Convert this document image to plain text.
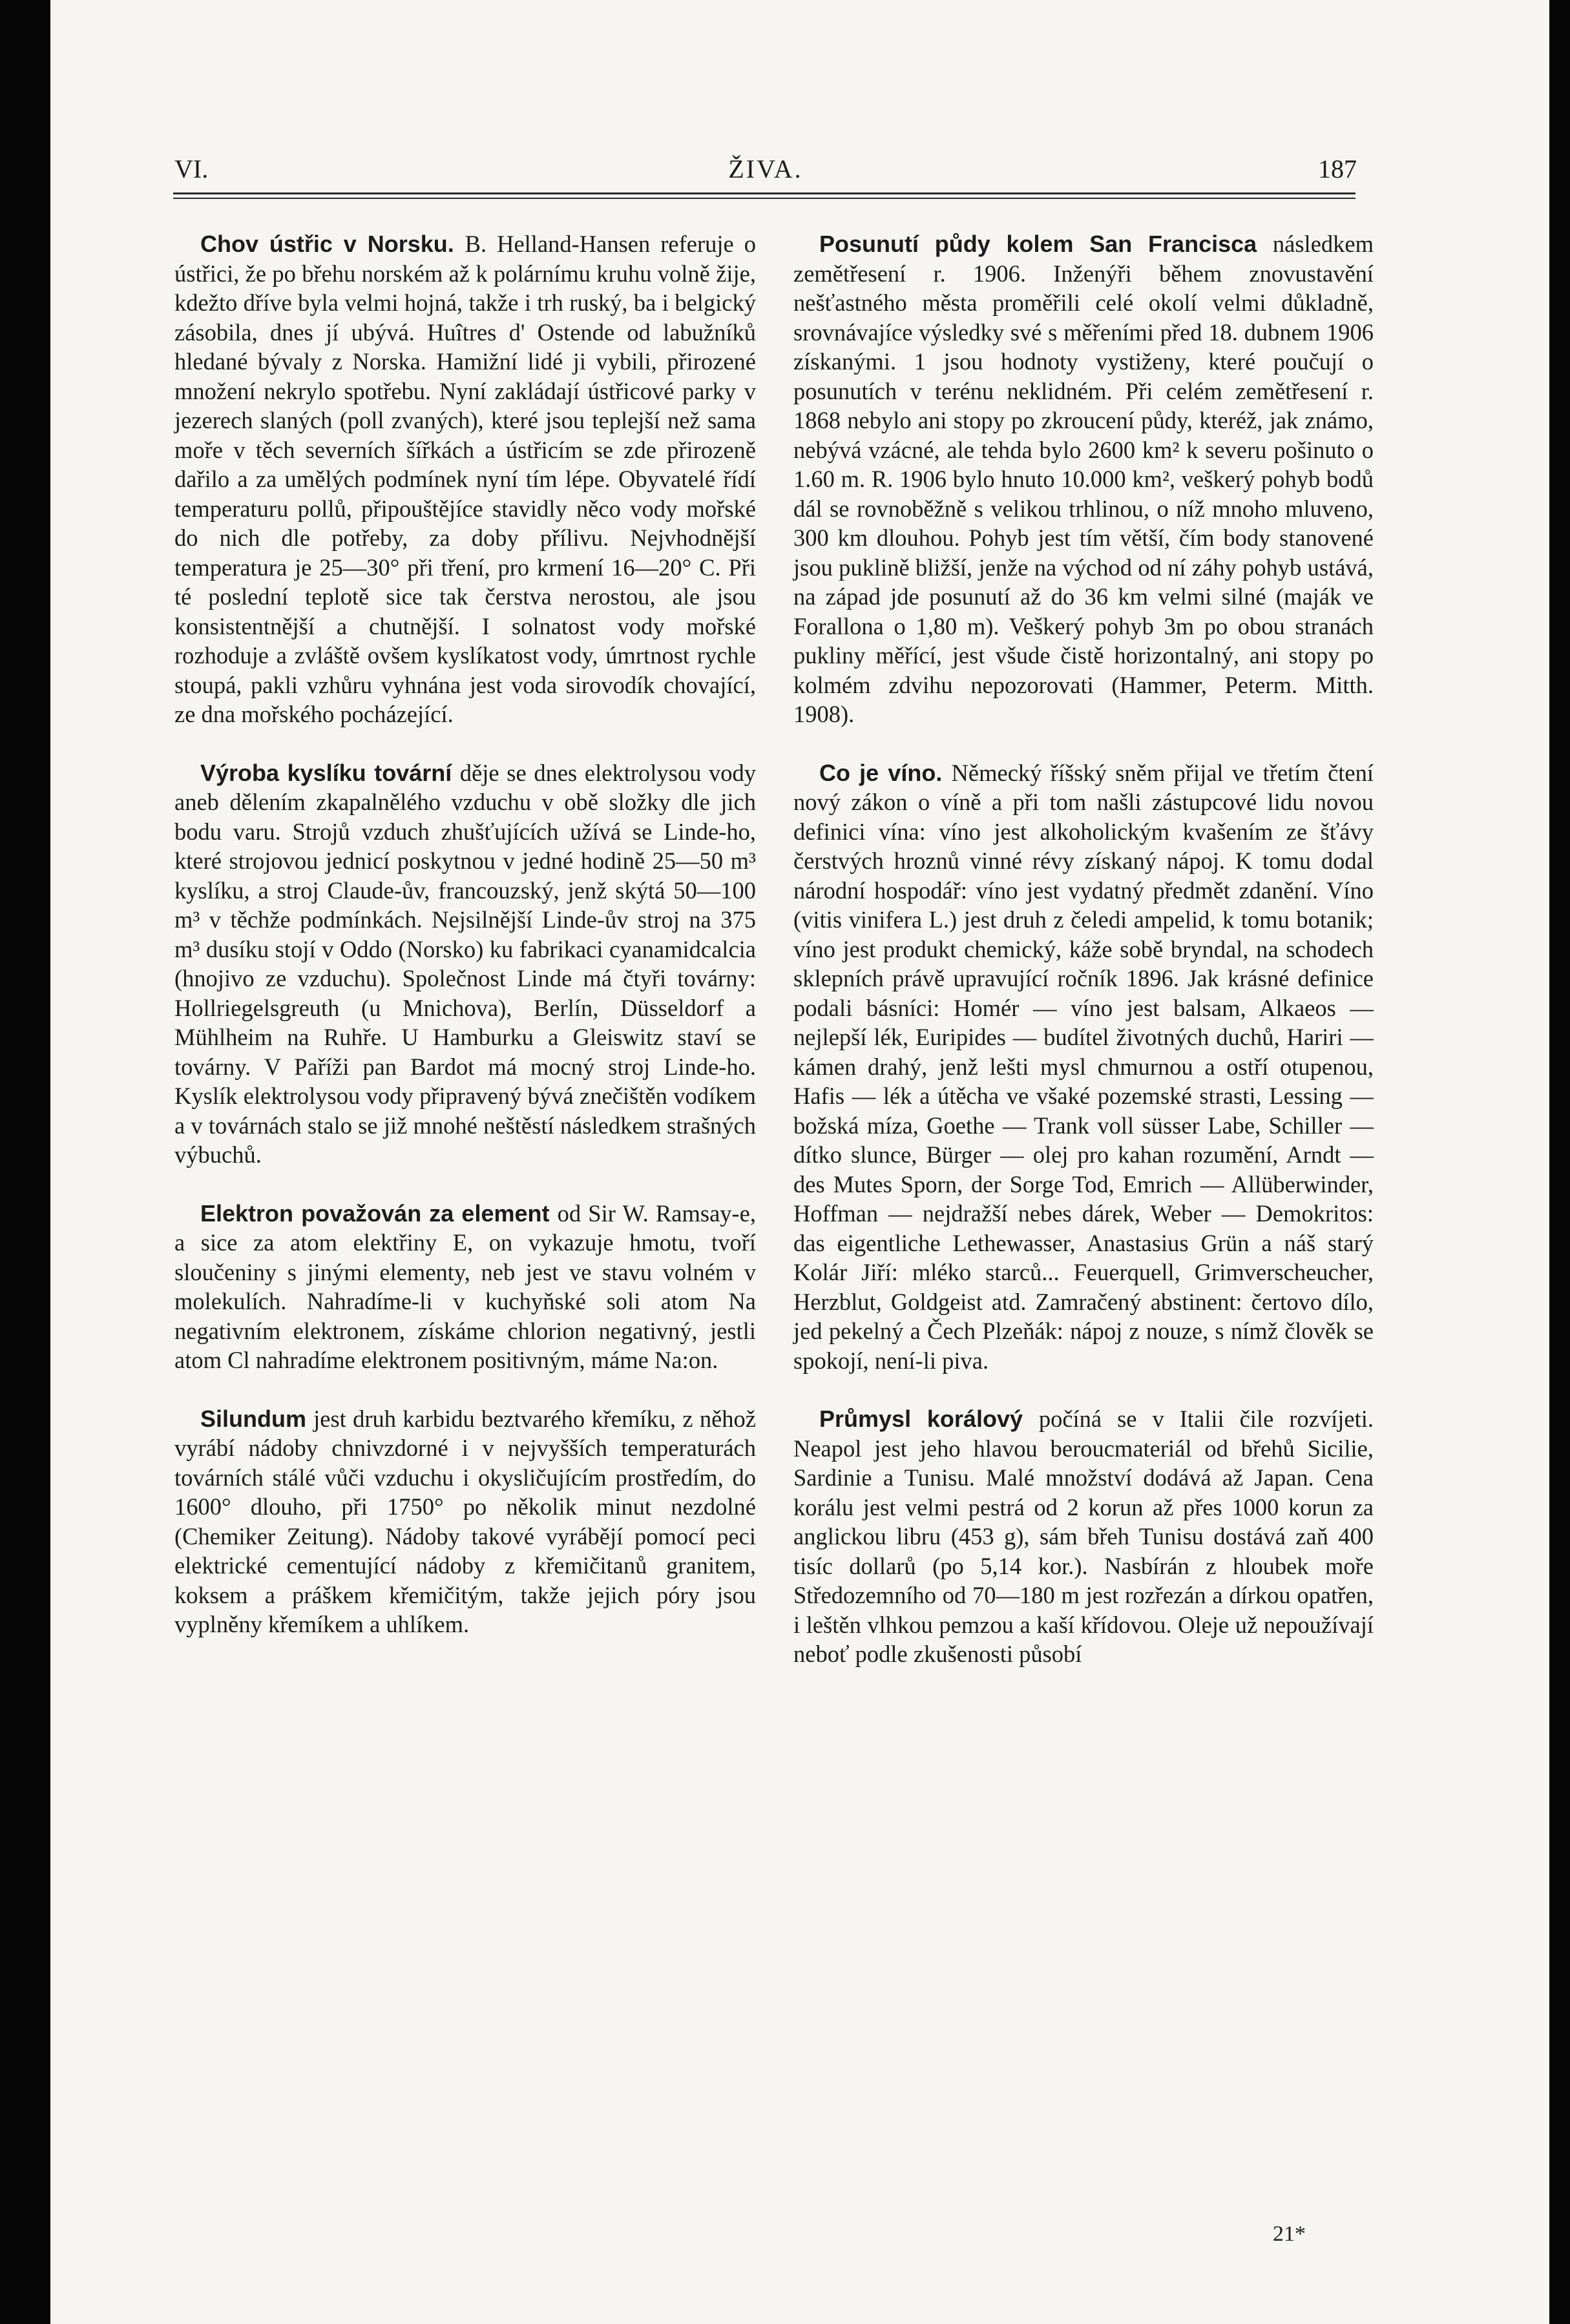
VI.	ŽIVA.	187

Chov ústřic v Norsku. B. Helland-Hansen referuje o ústřici, že po břehu norském až k polárnímu kruhu volně žije, kdežto dříve byla velmi hojná, takže i trh ruský, ba i belgický zásobila, dnes jí ubývá. Huîtres d' Ostende od labužníků hledané bývaly z Norska. Hamižní lidé ji vybili, přirozené množení nekrylo spotřebu. Nyní zakládají ústřicové parky v jezerech slaných (poll zvaných), které jsou teplejší než sama moře v těch severních šířkách a ústřicím se zde přirozeně dařilo a za umělých podmínek nyní tím lépe. Obyvatelé řídí temperaturu pollů, připouštějíce stavidly něco vody mořské do nich dle potřeby, za doby přílivu. Nejvhodnější temperatura je 25—30° při tření, pro krmení 16—20° C. Při té poslední teplotě sice tak čerstva nerostou, ale jsou konsistentnější a chutnější. I solnatost vody mořské rozhoduje a zvláště ovšem kyslíkatost vody, úmrtnost rychle stoupá, pakli vzhůru vyhnána jest voda sirovodík chovající, ze dna mořského pocházející.

Výroba kyslíku tovární děje se dnes elektrolysou vody aneb dělením zkapalnělého vzduchu v obě složky dle jich bodu varu. Strojů vzduch zhušťujících užívá se Linde-ho, které strojovou jednicí poskytnou v jedné hodině 25—50 m³ kyslíku, a stroj Claude-ův, francouzský, jenž skýtá 50—100 m³ v těchže podmínkách. Nejsilnější Linde-ův stroj na 375 m³ dusíku stojí v Oddo (Norsko) ku fabrikaci cyanamidcalcia (hnojivo ze vzduchu). Společnost Linde má čtyři továrny: Hollriegelsgreuth (u Mnichova), Berlín, Düsseldorf a Mühlheim na Ruhře. U Hamburku a Gleiswitz staví se továrny. V Paříži pan Bardot má mocný stroj Linde-ho. Kyslík elektrolysou vody připravený bývá znečištěn vodíkem a v továrnách stalo se již mnohé neštěstí následkem strašných výbuchů.

Elektron považován za element od Sir W. Ramsay-e, a sice za atom elektřiny E, on vykazuje hmotu, tvoří sloučeniny s jinými elementy, neb jest ve stavu volném v molekulích. Nahradíme-li v kuchyňské soli atom Na negativním elektronem, získáme chlorion negativný, jestli atom Cl nahradíme elektronem positivným, máme Na:on.

Silundum jest druh karbidu beztvarého křemíku, z něhož vyrábí nádoby chnivzdorné i v nejvyšších temperaturách továrních stálé vůči vzduchu i okysličujícím prostředím, do 1600° dlouho, při 1750° po několik minut nezdolné (Chemiker Zeitung). Nádoby takové vyrábějí pomocí peci elektrické cementující nádoby z křemičitanů granitem, koksem a práškem křemičitým, takže jejich póry jsou vyplněny křemíkem a uhlíkem.

Posunutí půdy kolem San Francisca následkem zemětřesení r. 1906. Inženýři během znovustavění nešťastného města proměřili celé okolí velmi důkladně, srovnávajíce výsledky své s měřeními před 18. dubnem 1906 získanými. 1 jsou hodnoty vystiženy, které poučují o posunutích v terénu neklidném. Při celém zemětřesení r. 1868 nebylo ani stopy po zkroucení půdy, kteréž, jak známo, nebývá vzácné, ale tehda bylo 2600 km² k severu pošinuto o 1.60 m. R. 1906 bylo hnuto 10.000 km², veškerý pohyb bodů dál se rovnoběžně s velikou trhlinou, o níž mnoho mluveno, 300 km dlouhou. Pohyb jest tím větší, čím body stanovené jsou puklině bližší, jenže na východ od ní záhy pohyb ustává, na západ jde posunutí až do 36 km velmi silné (maják ve Forallona o 1,80 m). Veškerý pohyb 3m po obou stranách pukliny měřící, jest všude čistě horizontalný, ani stopy po kolmém zdvihu nepozorovati (Hammer, Peterm. Mitth. 1908).

Co je víno. Německý říšský sněm přijal ve třetím čtení nový zákon o víně a při tom našli zástupcové lidu novou definici vína: víno jest alkoholickým kvašením ze šťávy čerstvých hroznů vinné révy získaný nápoj. K tomu dodal národní hospodář: víno jest vydatný předmět zdanění. Víno (vitis vinifera L.) jest druh z čeledi ampelid, k tomu botanik; víno jest produkt chemický, káže sobě bryndal, na schodech sklepních právě upravující ročník 1896. Jak krásné definice podali básníci: Homér — víno jest balsam, Alkaeos — nejlepší lék, Euripides — budítel životných duchů, Hariri — kámen drahý, jenž lešti mysl chmurnou a ostří otupenou, Hafis — lék a útěcha ve všaké pozemské strasti, Lessing — božská míza, Goethe — Trank voll süsser Labe, Schiller — dítko slunce, Bürger — olej pro kahan rozumění, Arndt — des Mutes Sporn, der Sorge Tod, Emrich — Allüberwinder, Hoffman — nejdražší nebes dárek, Weber — Demokritos: das eigentliche Lethewasser, Anastasius Grün a náš starý Kolár Jiří: mléko starců... Feuerquell, Grimverscheucher, Herzblut, Goldgeist atd. Zamračený abstinent: čertovo dílo, jed pekelný a Čech Plzeňák: nápoj z nouze, s nímž člověk se spokojí, není-li piva.

Průmysl korálový počíná se v Italii čile rozvíjeti. Neapol jest jeho hlavou beroucmateriál od břehů Sicilie, Sardinie a Tunisu. Malé množství dodává až Japan. Cena korálu jest velmi pestrá od 2 korun až přes 1000 korun za anglickou libru (453 g), sám břeh Tunisu dostává zaň 400 tisíc dollarů (po 5,14 kor.). Nasbírán z hloubek moře Středozemního od 70—180 m jest rozřezán a dírkou opatřen, i leštěn vlhkou pemzou a kaší křídovou. Oleje už nepoužívají neboť podle zkušenosti působí

21*
